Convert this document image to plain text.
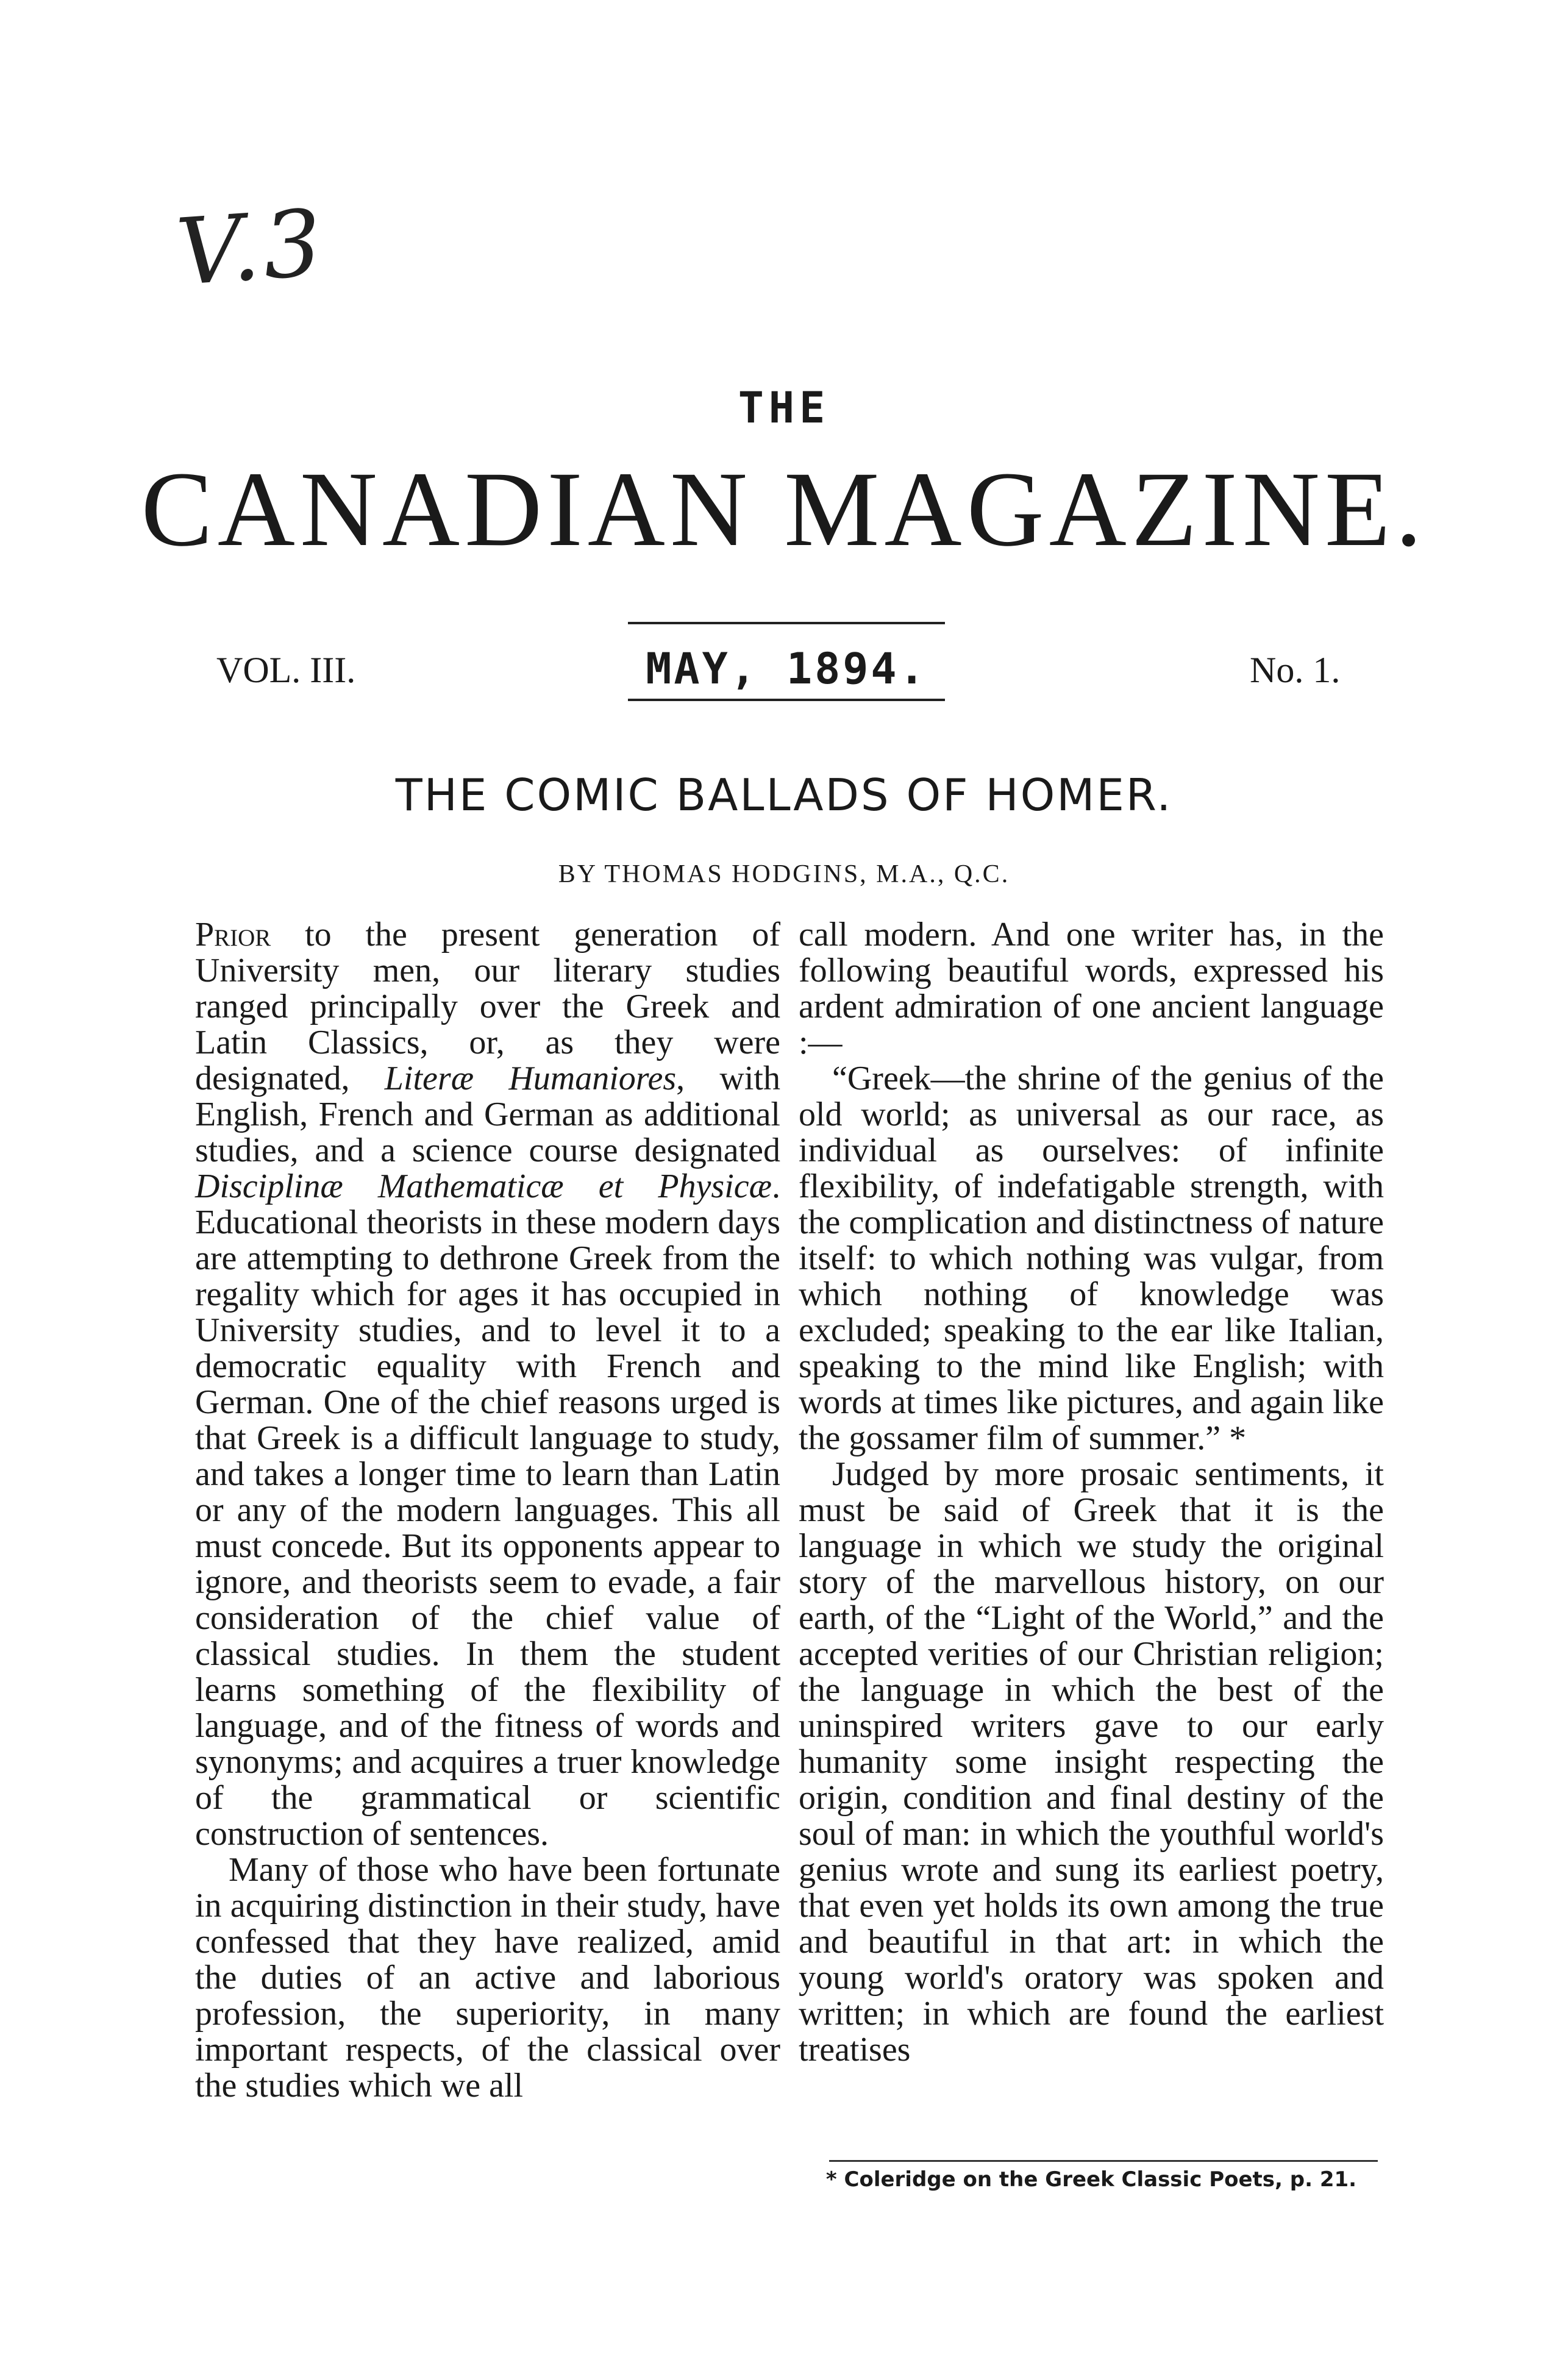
V.3
THE
CANADIAN MAGAZINE.
VOL. III.	MAY, 1894.	No. 1.
THE COMIC BALLADS OF HOMER.
BY THOMAS HODGINS, M.A., Q.C.

Prior to the present generation of University men, our literary studies ranged principally over the Greek and Latin Classics, or, as they were designated, Literæ Humaniores, with English, French and German as additional studies, and a science course designated Disciplinæ Mathematicæ et Physicæ. Educational theorists in these modern days are attempting to dethrone Greek from the regality which for ages it has occupied in University studies, and to level it to a democratic equality with French and German. One of the chief reasons urged is that Greek is a difficult language to study, and takes a longer time to learn than Latin or any of the modern languages. This all must concede. But its opponents appear to ignore, and theorists seem to evade, a fair consideration of the chief value of classical studies. In them the student learns something of the flexibility of language, and of the fitness of words and synonyms; and acquires a truer knowledge of the grammatical or scientific construction of sentences.

Many of those who have been fortunate in acquiring distinction in their study, have confessed that they have realized, amid the duties of an active and laborious profession, the superiority, in many important respects, of the classical over the studies which we all

call modern. And one writer has, in the following beautiful words, expressed his ardent admiration of one ancient language :—

“Greek—the shrine of the genius of the old world; as universal as our race, as individual as ourselves: of infinite flexibility, of indefatigable strength, with the complication and distinctness of nature itself: to which nothing was vulgar, from which nothing of knowledge was excluded; speaking to the ear like Italian, speaking to the mind like English; with words at times like pictures, and again like the gossamer film of summer.” *

Judged by more prosaic sentiments, it must be said of Greek that it is the language in which we study the original story of the marvellous history, on our earth, of the “Light of the World,” and the accepted verities of our Christian religion; the language in which the best of the uninspired writers gave to our early humanity some insight respecting the origin, condition and final destiny of the soul of man: in which the youthful world's genius wrote and sung its earliest poetry, that even yet holds its own among the true and beautiful in that art: in which the young world's oratory was spoken and written; in which are found the earliest treatises

* Coleridge on the Greek Classic Poets, p. 21.
